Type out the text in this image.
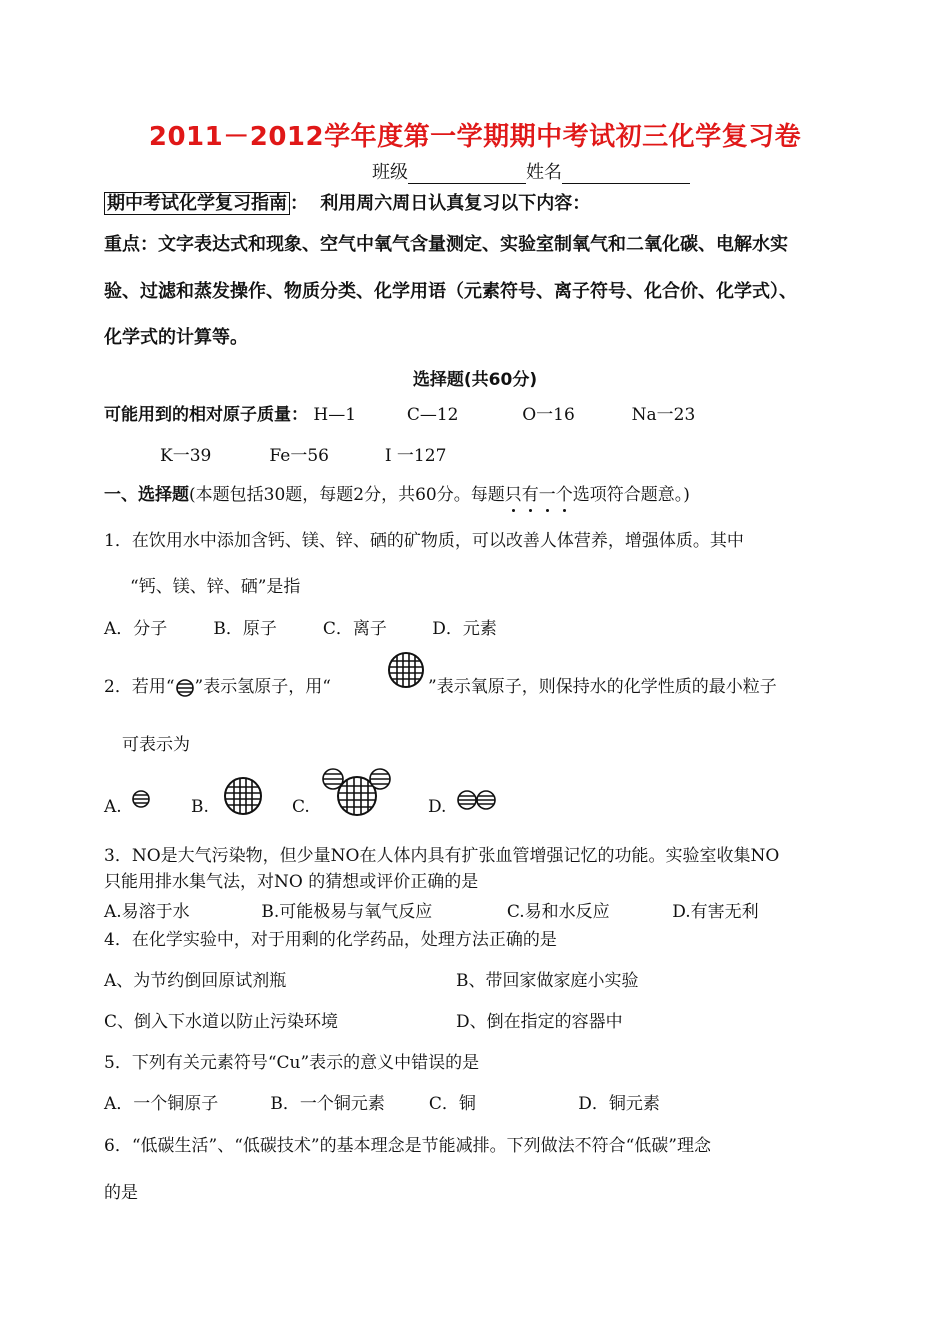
2011－2012学年度第一学期期中考试初三化学复习卷
班级	姓名
期中考试化学复习指南 ： 利用周六周日认真复习以下内容：
重点：文字表达式和现象、空气中氧气含量测定、实验室制氧气和二氧化碳、电解水实
验、过滤和蒸发操作、物质分类、化学用语（元素符号、离子符号、化合价、化学式）、
化学式的计算等。
选择题(共60分)
可能用到的相对原子质量： H—1	C—12	O一16	Na一23
K一39	Fe一56	I 一127
一、选择题(本题包括30题，每题2分，共60分。每题只有一个选项符合题意。)
1．在饮用水中添加含钙、镁、锌、硒的矿物质，可以改善人体营养，增强体质。其中
“钙、镁、锌、硒”是指
A．分子	B．原子	C．离子	D．元素
2．若用“ ”表示氢原子，用“	”表示氧原子，则保持水的化学性质的最小粒子
可表示为
A.	B.	C.	D.
3．NO是大气污染物，但少量NO在人体内具有扩张血管增强记忆的功能。实验室收集NO
只能用排水集气法，对NO 的猜想或评价正确的是
A.易溶于水	B.可能极易与氧气反应	C.易和水反应	D.有害无利
4．在化学实验中，对于用剩的化学药品，处理方法正确的是
A、为节约倒回原试剂瓶	B、带回家做家庭小实验
C、倒入下水道以防止污染环境	D、倒在指定的容器中
5．下列有关元素符号“Cu”表示的意义中错误的是
A．一个铜原子	B．一个铜元素	C．铜	D．铜元素
6．“低碳生活”、“低碳技术”的基本理念是节能减排。下列做法不符合“低碳”理念
的是
